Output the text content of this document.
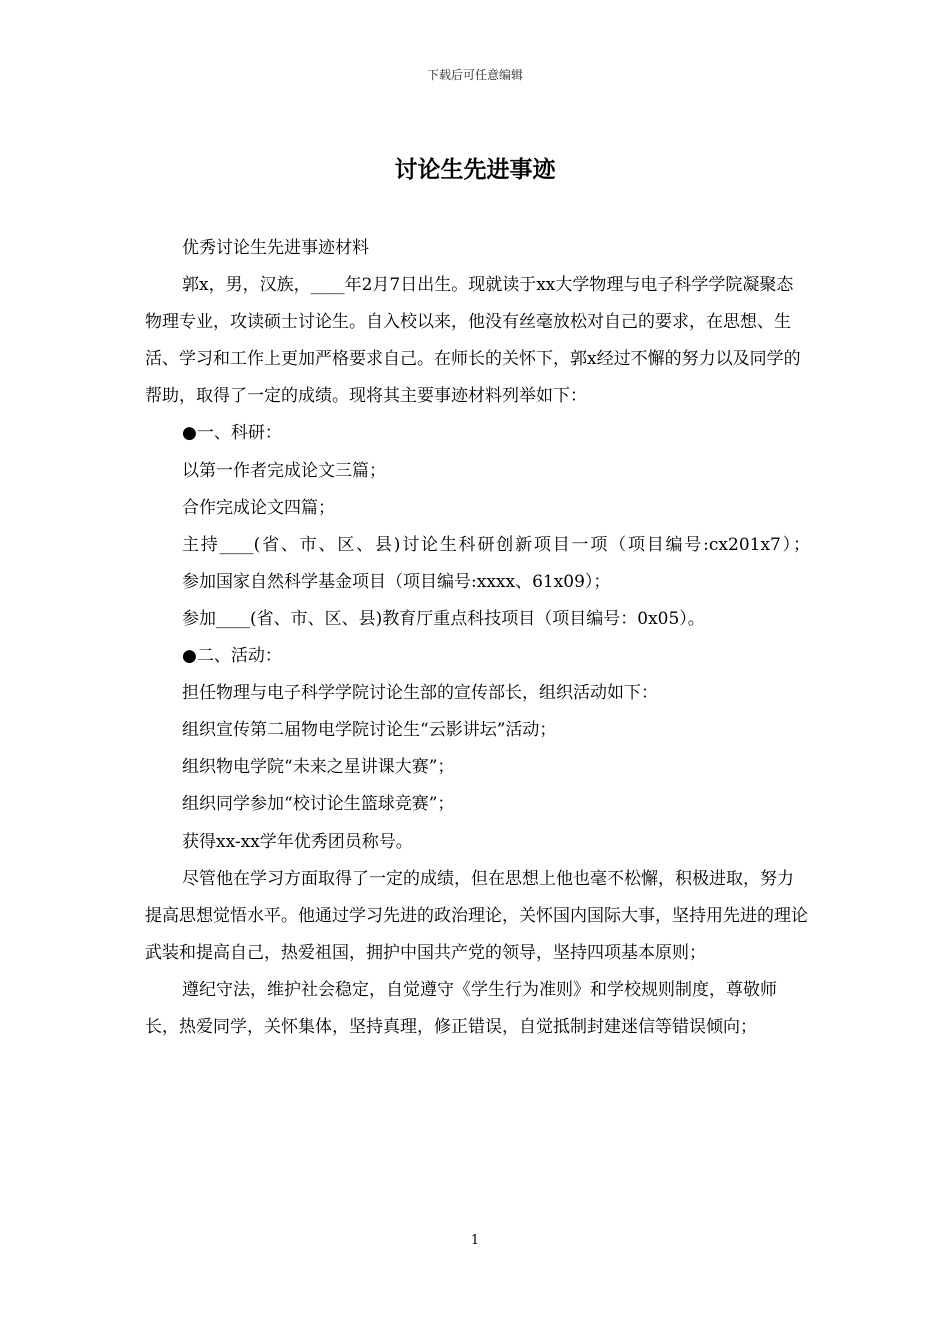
下载后可任意编辑
讨论生先进事迹

优秀讨论生先进事迹材料

郭x，男，汉族，____年2月7日出生。现就读于xx大学物理与电子科学学院凝聚态物理专业，攻读硕士讨论生。自入校以来，他没有丝毫放松对自己的要求，在思想、生活、学习和工作上更加严格要求自己。在师长的关怀下，郭x经过不懈的努力以及同学的帮助，取得了一定的成绩。现将其主要事迹材料列举如下：

●一、科研：

以第一作者完成论文三篇；

合作完成论文四篇；

主持____(省、市、区、县)讨论生科研创新项目一项（项目编号:cx201x7）；

参加国家自然科学基金项目（项目编号:xxxx、61x09）；

参加____(省、市、区、县)教育厅重点科技项目（项目编号：0x05）。

●二、活动：

担任物理与电子科学学院讨论生部的宣传部长，组织活动如下：

组织宣传第二届物电学院讨论生“云影讲坛”活动；

组织物电学院“未来之星讲课大赛”；

组织同学参加“校讨论生篮球竞赛”；

获得xx-xx学年优秀团员称号。

尽管他在学习方面取得了一定的成绩，但在思想上他也毫不松懈，积极进取，努力提高思想觉悟水平。他通过学习先进的政治理论，关怀国内国际大事，坚持用先进的理论武装和提高自己，热爱祖国，拥护中国共产党的领导，坚持四项基本原则；

遵纪守法，维护社会稳定，自觉遵守《学生行为准则》和学校规则制度，尊敬师长，热爱同学，关怀集体，坚持真理，修正错误，自觉抵制封建迷信等错误倾向；

1
